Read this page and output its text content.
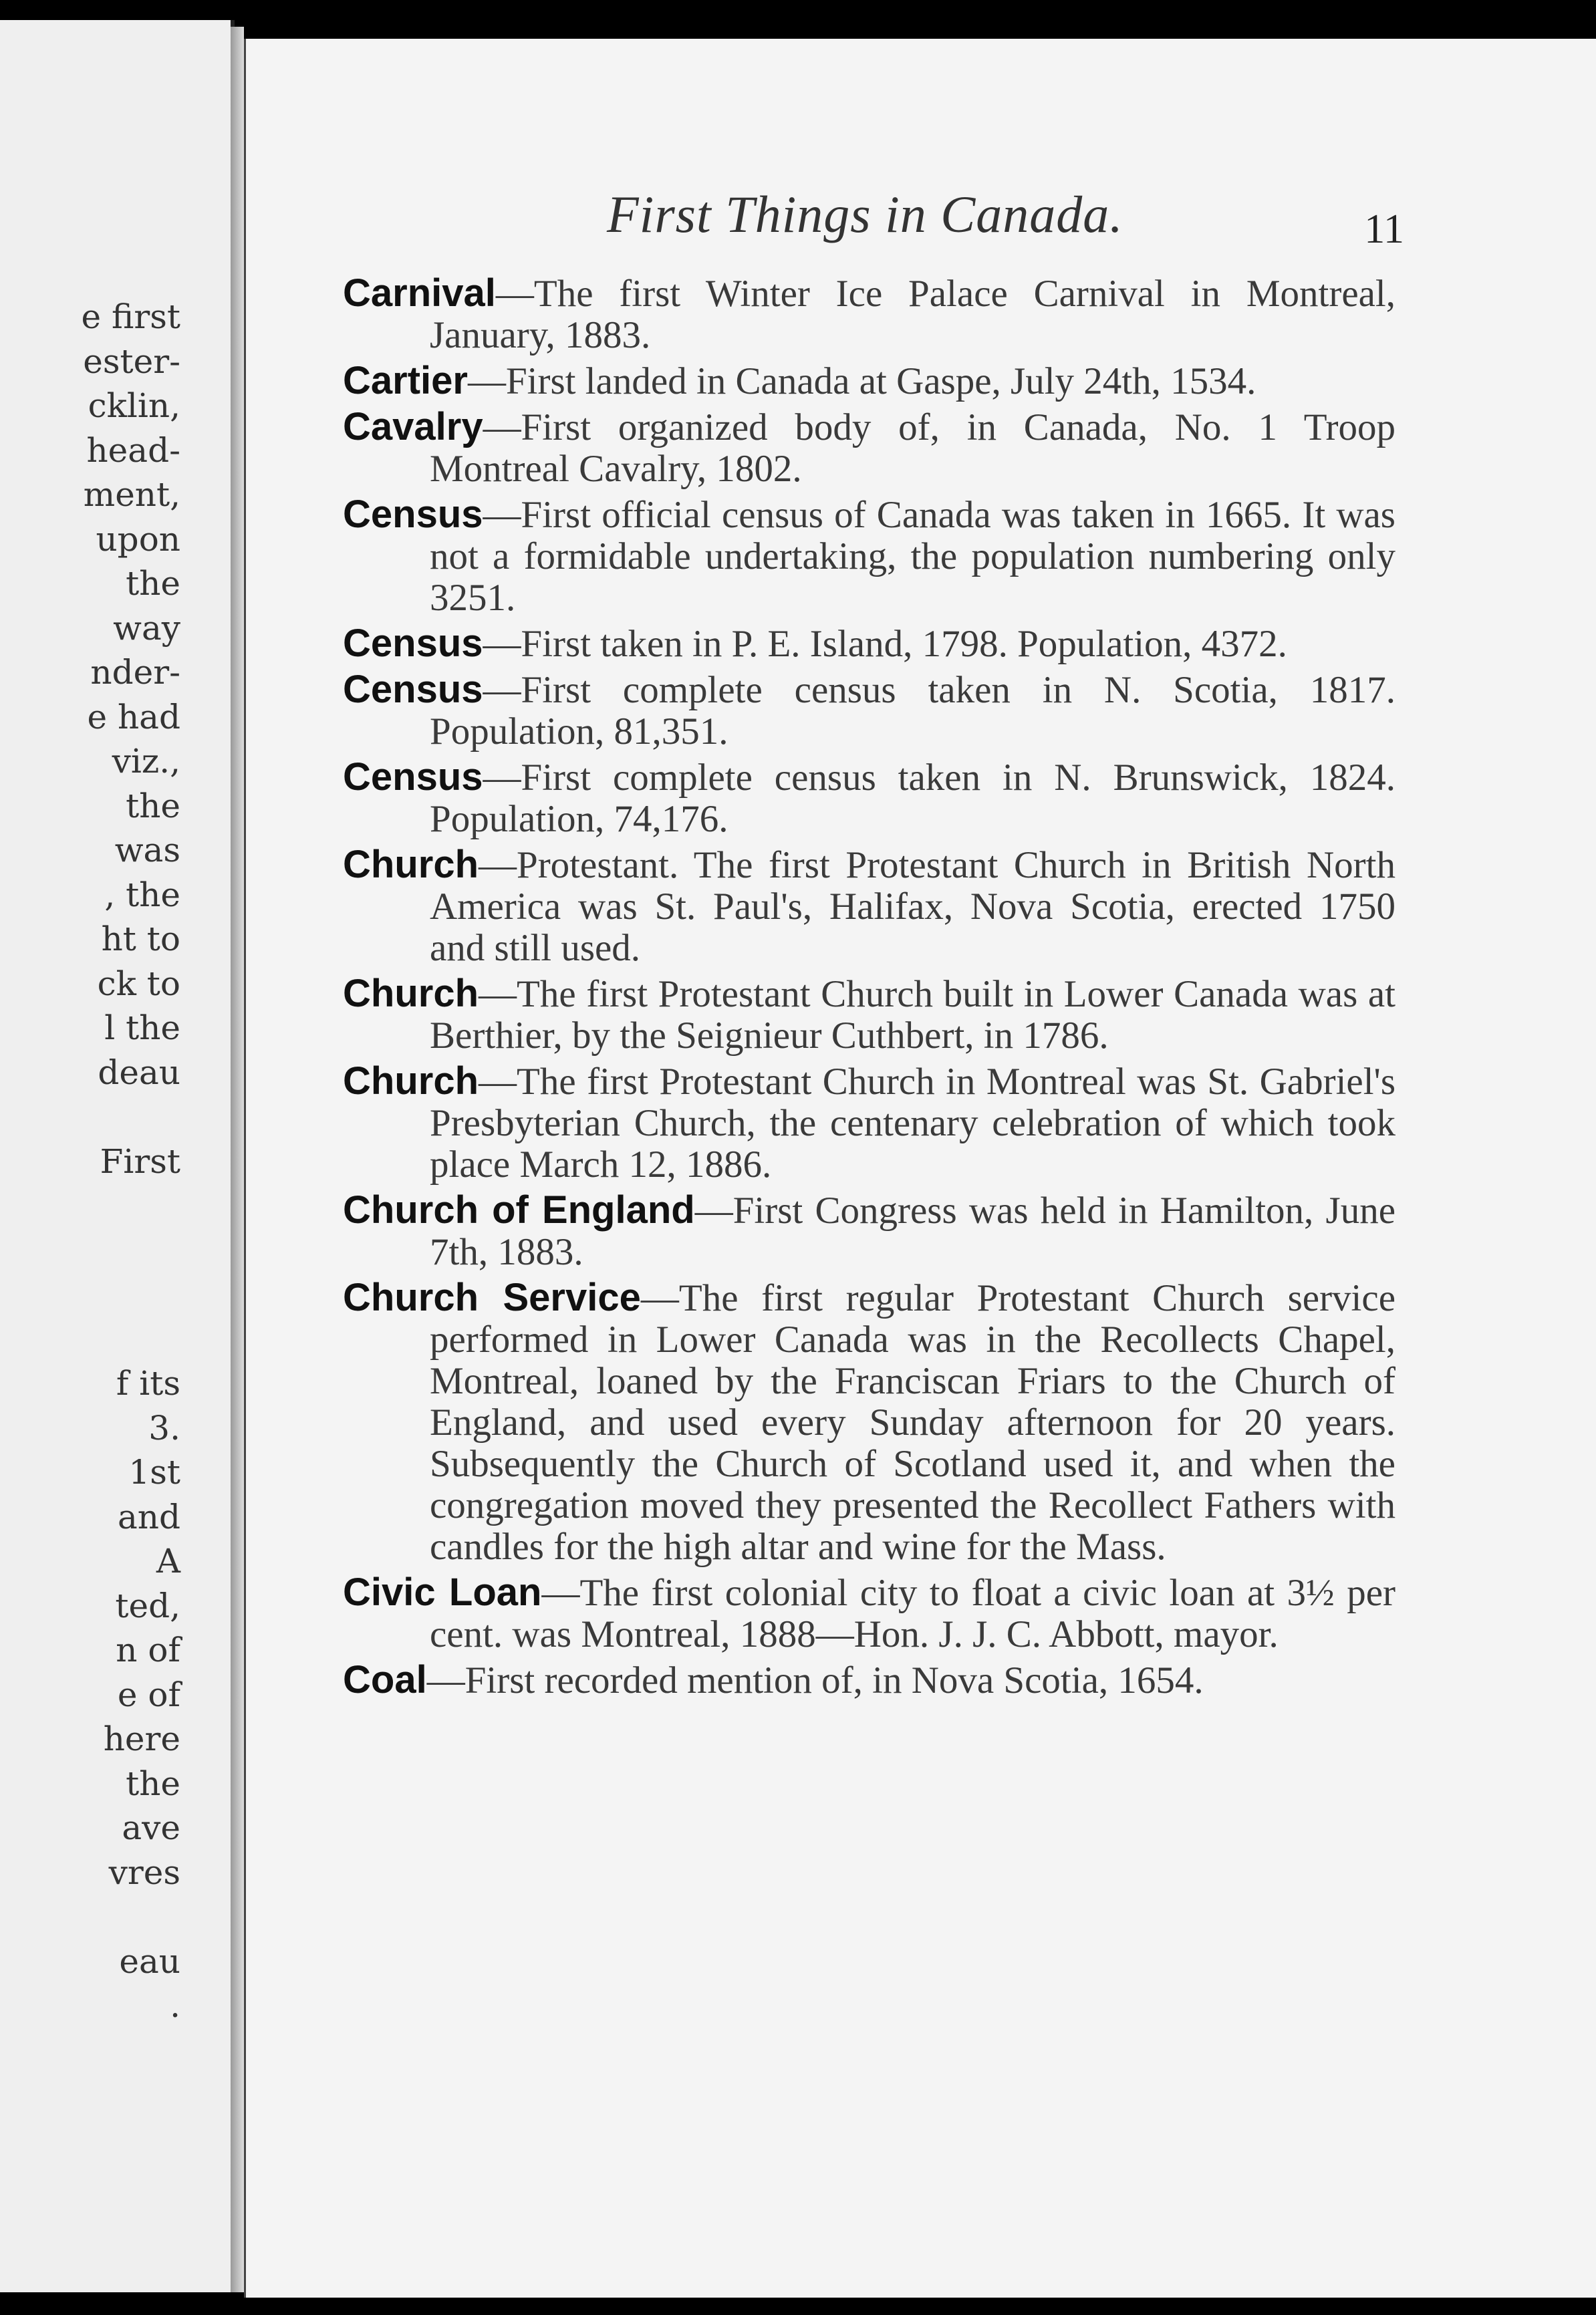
e first
ester-
cklin,
head-
ment,
upon
the
way
nder-
e had
viz.,
the
was
, the
ht to
ck to
l the
deau
First
f its
3.
1st
and
A
ted,
n of
e of
here
the
ave
vres
eau
.
First Things in Canada.	11
Carnival—The first Winter Ice Palace Carnival in Montreal, January, 1883.
Cartier—First landed in Canada at Gaspe, July 24th, 1534.
Cavalry—First organized body of, in Canada, No. 1 Troop Montreal Cavalry, 1802.
Census—First official census of Canada was taken in 1665. It was not a formidable undertaking, the population numbering only 3251.
Census—First taken in P. E. Island, 1798. Population, 4372.
Census—First complete census taken in N. Scotia, 1817. Population, 81,351.
Census—First complete census taken in N. Brunswick, 1824. Population, 74,176.
Church—Protestant. The first Protestant Church in British North America was St. Paul's, Halifax, Nova Scotia, erected 1750 and still used.
Church—The first Protestant Church built in Lower Canada was at Berthier, by the Seignieur Cuthbert, in 1786.
Church—The first Protestant Church in Montreal was St. Gabriel's Presbyterian Church, the centenary celebration of which took place March 12, 1886.
Church of England—First Congress was held in Hamilton, June 7th, 1883.
Church Service—The first regular Protestant Church service performed in Lower Canada was in the Recollects Chapel, Montreal, loaned by the Franciscan Friars to the Church of England, and used every Sunday afternoon for 20 years. Subsequently the Church of Scotland used it, and when the congregation moved they presented the Recollect Fathers with candles for the high altar and wine for the Mass.
Civic Loan—The first colonial city to float a civic loan at 3½ per cent. was Montreal, 1888—Hon. J. J. C. Abbott, mayor.
Coal—First recorded mention of, in Nova Scotia, 1654.
